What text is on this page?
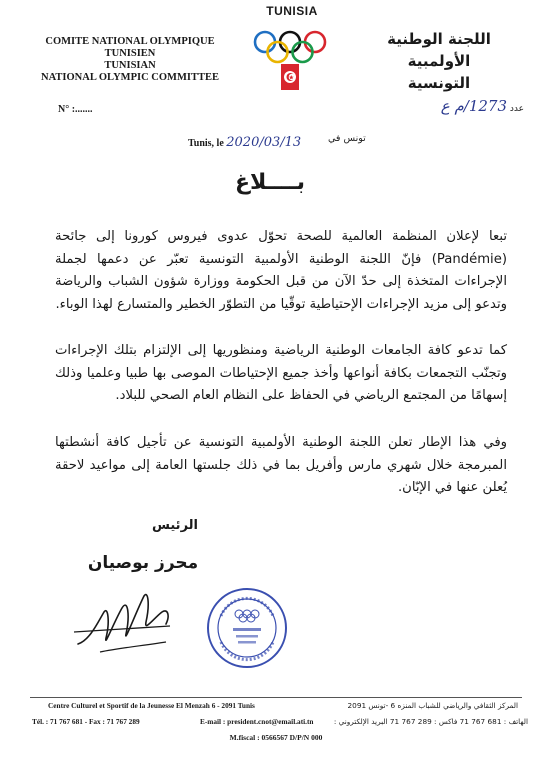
COMITE NATIONAL OLYMPIQUE
TUNISIEN
TUNISIAN
NATIONAL OLYMPIC COMMITTEE
TUNISIA
اللجنة الوطنية الأولمبية
التونسية
N° :.......	عدد 1273/م ع
Tunis, le 2020/03/13	تونس في
بــــلاغ
تبعا لإعلان المنظمة العالمية للصحة تحوّل عدوى فيروس كورونا إلى جائحة (Pandémie) فإنّ اللجنة الوطنية الأولمبية التونسية تعبّر عن دعمها لجملة الإجراءات المتخذة إلى حدّ الآن من قبل الحكومة ووزارة شؤون الشباب والرياضة وتدعو إلى مزيد الإجراءات الإحتياطية توقّيا من التطوّر الخطير والمتسارع لهذا الوباء.
كما تدعو كافة الجامعات الوطنية الرياضية ومنظوريها إلى الإلتزام بتلك الإجراءات وتجنّب التجمعات بكافة أنواعها وأخذ جميع الإحتياطات الموصى بها طبيا وعلميا وذلك إسهامًا من المجتمع الرياضي في الحفاظ على النظام العام الصحي للبلاد.
وفي هذا الإطار تعلن اللجنة الوطنية الأولمبية التونسية عن تأجيل كافة أنشطتها المبرمجة خلال شهري مارس وأفريل بما في ذلك جلستها العامة إلى مواعيد لاحقة يُعلن عنها في الإبّان.
الرئيس
محرز بوصيان
Centre Culturel et Sportif de la Jeunesse El Menzah 6 - 2091 Tunis	المركز الثقافي والرياضي للشباب المنزه 6 -تونس 2091
Tél. : 71 767 681 - Fax : 71 767 289	E-mail : president.cnot@email.ati.tn	الهاتف : 681 767 71 فاكس : 289 767 71 البريد الإلكتروني :
M.fiscal : 0566567 D/P/N 000
